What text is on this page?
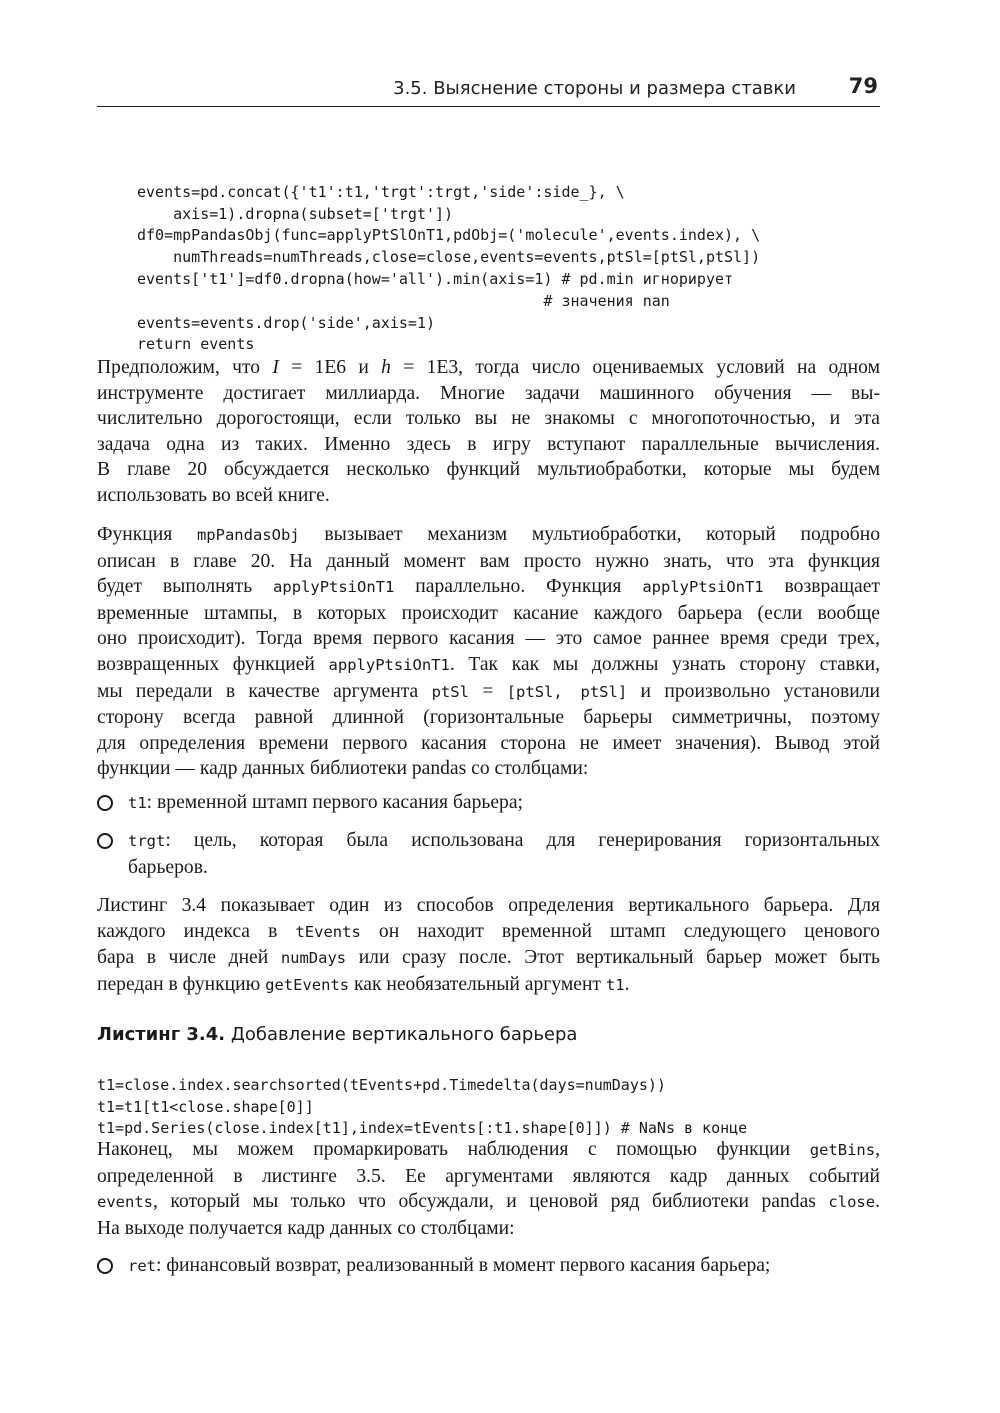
3.5. Выяснение стороны и размера ставки	79

events=pd.concat({'t1':t1,'trgt':trgt,'side':side_}, \
axis=1).dropna(subset=['trgt'])
df0=mpPandasObj(func=applyPtSlOnT1,pdObj=('molecule',events.index), \
numThreads=numThreads,close=close,events=events,ptSl=[ptSl,ptSl])
events['t1']=df0.dropna(how='all').min(axis=1) # pd.min игнорирует
# значения nan
events=events.drop('side',axis=1)
return events

Предположим, что I = 1E6 и h = 1E3, тогда число оцениваемых условий на одном
инструменте достигает миллиарда. Многие задачи машинного обучения — вы-
числительно дорогостоящи, если только вы не знакомы с многопоточностью, и эта
задача одна из таких. Именно здесь в игру вступают параллельные вычисления.
В главе 20 обсуждается несколько функций мультиобработки, которые мы будем
использовать во всей книге.
Функция mpPandasObj вызывает механизм мультиобработки, который подробно
описан в главе 20. На данный момент вам просто нужно знать, что эта функция
будет выполнять applyPtsiOnT1 параллельно. Функция applyPtsiOnT1 возвращает
временные штампы, в которых происходит касание каждого барьера (если вообще
оно происходит). Тогда время первого касания — это самое раннее время среди трех,
возвращенных функцией applyPtsiOnT1. Так как мы должны узнать сторону ставки,
мы передали в качестве аргумента ptSl = [ptSl, ptSl] и произвольно установили
сторону всегда равной длинной (горизонтальные барьеры симметричны, поэтому
для определения времени первого касания сторона не имеет значения). Вывод этой
функции — кадр данных библиотеки pandas со столбцами:
t1: временной штамп первого касания барьера;
trgt: цель, которая была использована для генерирования горизонтальных
барьеров.
Листинг 3.4 показывает один из способов определения вертикального барьера. Для
каждого индекса в tEvents он находит временной штамп следующего ценового
бара в числе дней numDays или сразу после. Этот вертикальный барьер может быть
передан в функцию getEvents как необязательный аргумент t1.
Листинг 3.4. Добавление вертикального барьера

t1=close.index.searchsorted(tEvents+pd.Timedelta(days=numDays))
t1=t1[t1<close.shape[0]]
t1=pd.Series(close.index[t1],index=tEvents[:t1.shape[0]]) # NaNs в конце

Наконец, мы можем промаркировать наблюдения с помощью функции getBins,
определенной в листинге 3.5. Ее аргументами являются кадр данных событий
events, который мы только что обсуждали, и ценовой ряд библиотеки pandas close.
На выходе получается кадр данных со столбцами:
ret: финансовый возврат, реализованный в момент первого касания барьера;
